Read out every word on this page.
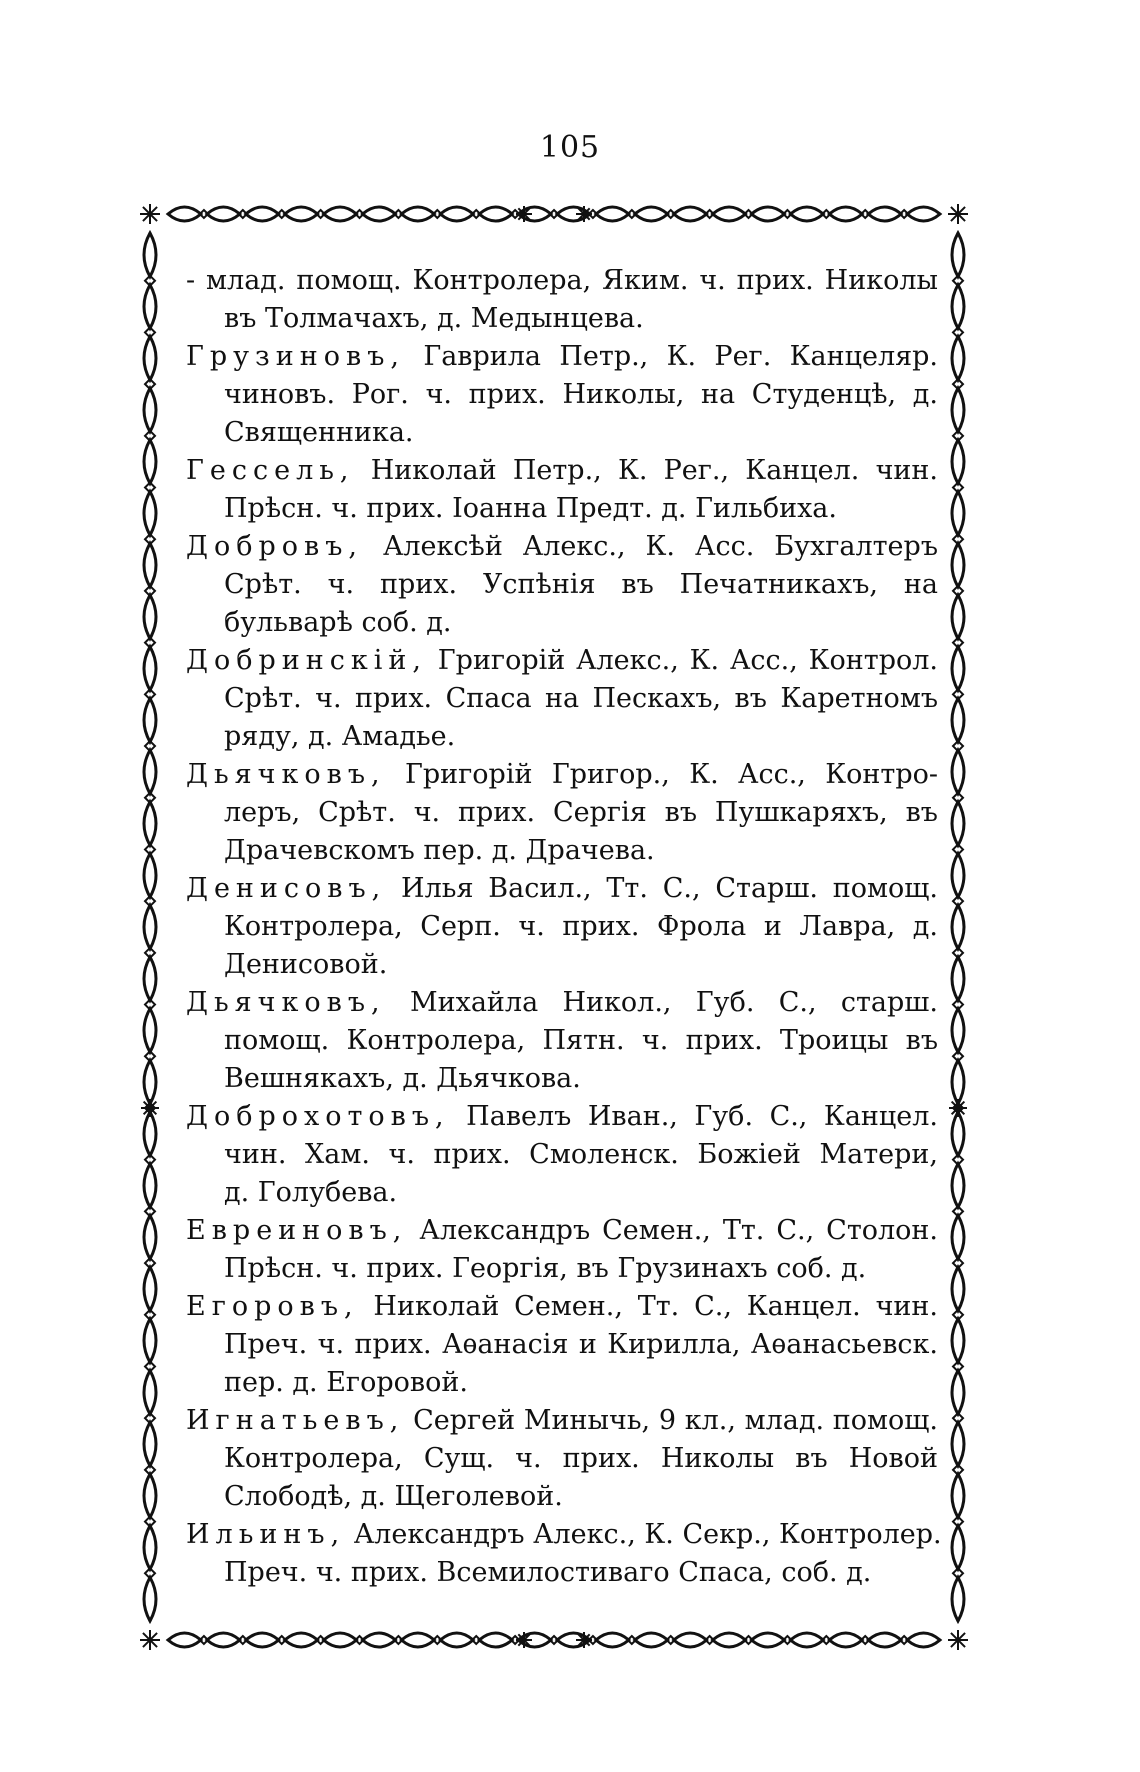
105
- млад. помощ. Контролера, Яким. ч. прих. Николы
въ Толмачахъ, д. Медынцева.
Грузиновъ, Гаврила Петр., К. Рег. Канцеляр.
чиновъ. Рог. ч. прих. Николы, на Студенцѣ, д.
Священника.
Гессель, Николай Петр., К. Рег., Канцел. чин.
Прѣсн. ч. прих. Іоанна Предт. д. Гильбиха.
Добровъ, Алексѣй Алекс., К. Асс. Бухгалтеръ
Срѣт. ч. прих. Успѣнія въ Печатникахъ, на
бульварѣ соб. д.
Добринскій, Григорій Алекс., К. Асс., Контрол.
Срѣт. ч. прих. Спаса на Пескахъ, въ Каретномъ
ряду, д. Амадье.
Дьячковъ, Григорій Григор., К. Асс., Контро-
леръ, Срѣт. ч. прих. Сергія въ Пушкаряхъ, въ
Драчевскомъ пер. д. Драчева.
Денисовъ, Илья Васил., Тт. С., Старш. помощ.
Контролера, Серп. ч. прих. Фрола и Лавра, д.
Денисовой.
Дьячковъ, Михайла Никол., Губ. С., старш.
помощ. Контролера, Пятн. ч. прих. Троицы въ
Вешнякахъ, д. Дьячкова.
Доброхотовъ, Павелъ Иван., Губ. С., Канцел.
чин. Хам. ч. прих. Смоленск. Божіей Матери,
д. Голубева.
Евреиновъ, Александръ Семен., Тт. С., Столон.
Прѣсн. ч. прих. Георгія, въ Грузинахъ соб. д.
Егоровъ, Николай Семен., Тт. С., Канцел. чин.
Преч. ч. прих. Аѳанасія и Кирилла, Аѳанасьевск.
пер. д. Егоровой.
Игнатьевъ, Сергей Минычь, 9 кл., млад. помощ.
Контролера, Сущ. ч. прих. Николы въ Новой
Слободѣ, д. Щеголевой.
Ильинъ, Александръ Алекс., К. Секр., Контролер.
Преч. ч. прих. Всемилостиваго Спаса, соб. д.
